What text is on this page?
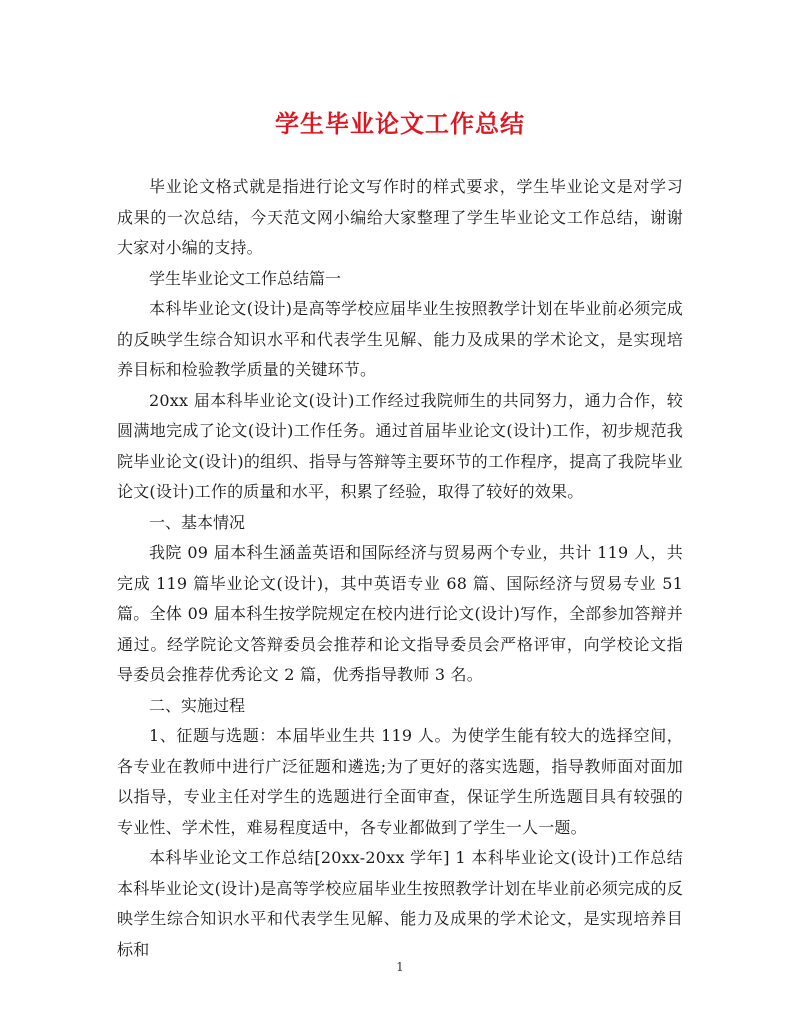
学生毕业论文工作总结

毕业论文格式就是指进行论文写作时的样式要求，学生毕业论文是对学习成果的一次总结，今天范文网小编给大家整理了学生毕业论文工作总结，谢谢大家对小编的支持。

学生毕业论文工作总结篇一

本科毕业论文(设计)是高等学校应届毕业生按照教学计划在毕业前必须完成的反映学生综合知识水平和代表学生见解、能力及成果的学术论文，是实现培养目标和检验教学质量的关键环节。

20xx 届本科毕业论文(设计)工作经过我院师生的共同努力，通力合作，较圆满地完成了论文(设计)工作任务。通过首届毕业论文(设计)工作，初步规范我院毕业论文(设计)的组织、指导与答辩等主要环节的工作程序，提高了我院毕业论文(设计)工作的质量和水平，积累了经验，取得了较好的效果。

一、基本情况

我院 09 届本科生涵盖英语和国际经济与贸易两个专业，共计 119 人，共完成 119 篇毕业论文(设计)，其中英语专业 68 篇、国际经济与贸易专业 51 篇。全体 09 届本科生按学院规定在校内进行论文(设计)写作，全部参加答辩并通过。经学院论文答辩委员会推荐和论文指导委员会严格评审，向学校论文指导委员会推荐优秀论文 2 篇，优秀指导教师 3 名。

二、实施过程

1、征题与选题：本届毕业生共 119 人。为使学生能有较大的选择空间，各专业在教师中进行广泛征题和遴选;为了更好的落实选题，指导教师面对面加以指导，专业主任对学生的选题进行全面审查，保证学生所选题目具有较强的专业性、学术性，难易程度适中，各专业都做到了学生一人一题。

本科毕业论文工作总结[20xx-20xx 学年] 1 本科毕业论文(设计)工作总结本科毕业论文(设计)是高等学校应届毕业生按照教学计划在毕业前必须完成的反映学生综合知识水平和代表学生见解、能力及成果的学术论文，是实现培养目标和

1
